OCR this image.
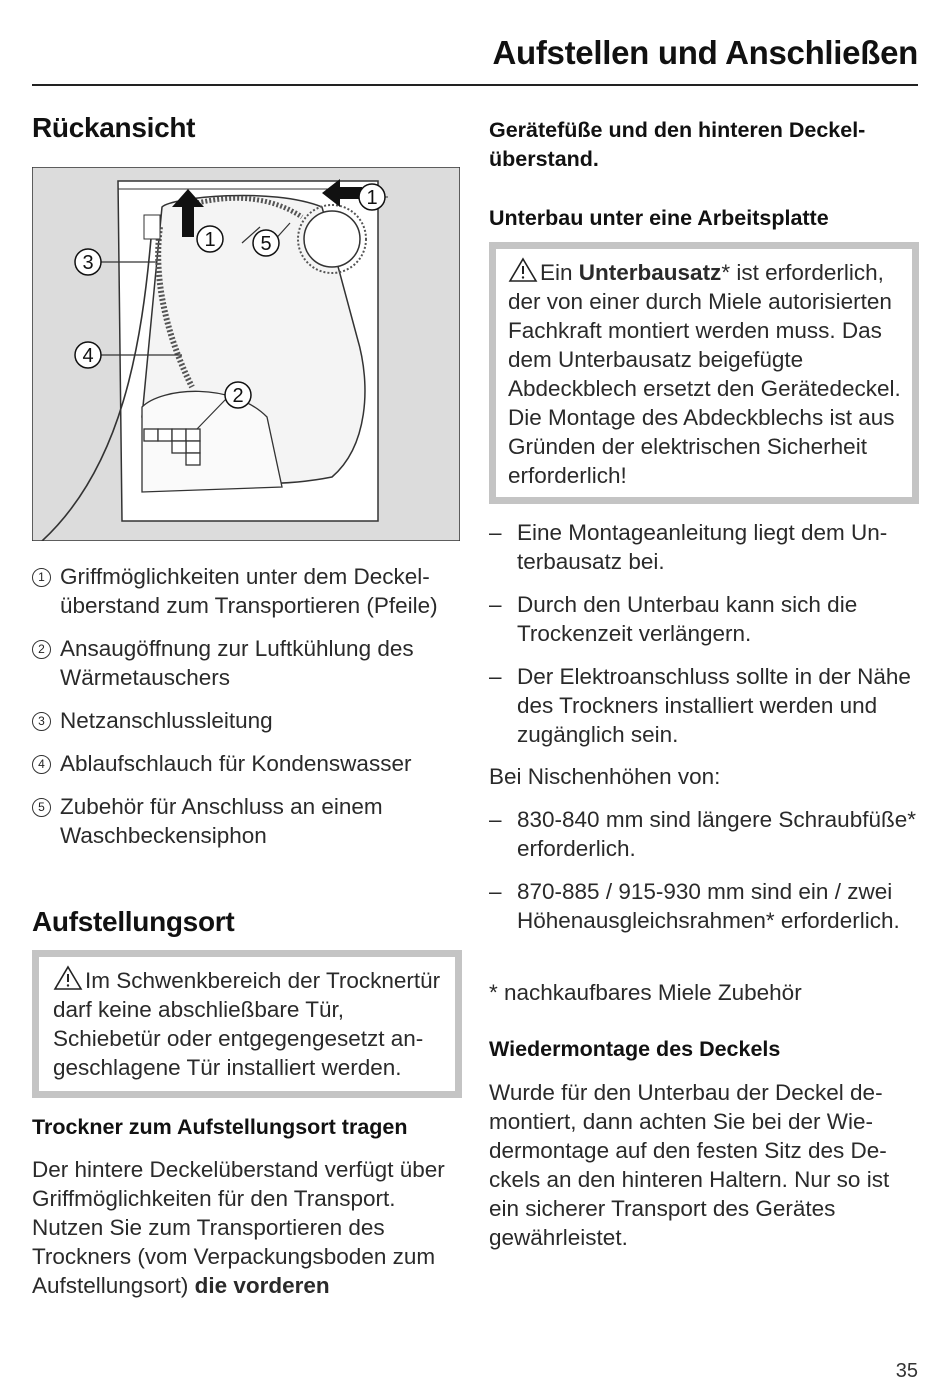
Aufstellen und Anschließen
Rückansicht
1
1 5
3
4
2
1 Griffmöglichkeiten unter dem Deckelüberstand zum Transportieren (Pfeile)
2 Ansaugöffnung zur Luftkühlung des Wärmetauschers
3 Netzanschlussleitung
4 Ablaufschlauch für Kondenswasser
5 Zubehör für Anschluss an einem Waschbeckensiphon
Aufstellungsort
Im Schwenkbereich der Trocknertür darf keine abschließbare Tür, Schiebetür oder entgegengesetzt angeschlagene Tür installiert werden.
Trockner zum Aufstellungsort tragen
Der hintere Deckelüberstand verfügt über Griffmöglichkeiten für den Transport. Nutzen Sie zum Transportieren des Trockners (vom Verpackungsboden zum Aufstellungsort) die vorderen
Gerätefüße und den hinteren Deckelüberstand.
Unterbau unter eine Arbeitsplatte
Ein Unterbausatz* ist erforderlich, der von einer durch Miele autorisierten Fachkraft montiert werden muss. Das dem Unterbausatz beigefügte Abdeckblech ersetzt den Gerätedeckel. Die Montage des Abdeckblechs ist aus Gründen der elektrischen Sicherheit erforderlich!
– Eine Montageanleitung liegt dem Unterbausatz bei.
– Durch den Unterbau kann sich die Trockenzeit verlängern.
– Der Elektroanschluss sollte in der Nähe des Trockners installiert werden und zugänglich sein.
Bei Nischenhöhen von:
– 830-840 mm sind längere Schraubfüße* erforderlich.
– 870-885 / 915-930 mm sind ein / zwei Höhenausgleichsrahmen* erforderlich.
* nachkaufbares Miele Zubehör
Wiedermontage des Deckels
Wurde für den Unterbau der Deckel demontiert, dann achten Sie bei der Wiedermontage auf den festen Sitz des Deckels an den hinteren Haltern. Nur so ist ein sicherer Transport des Gerätes gewährleistet.
35
